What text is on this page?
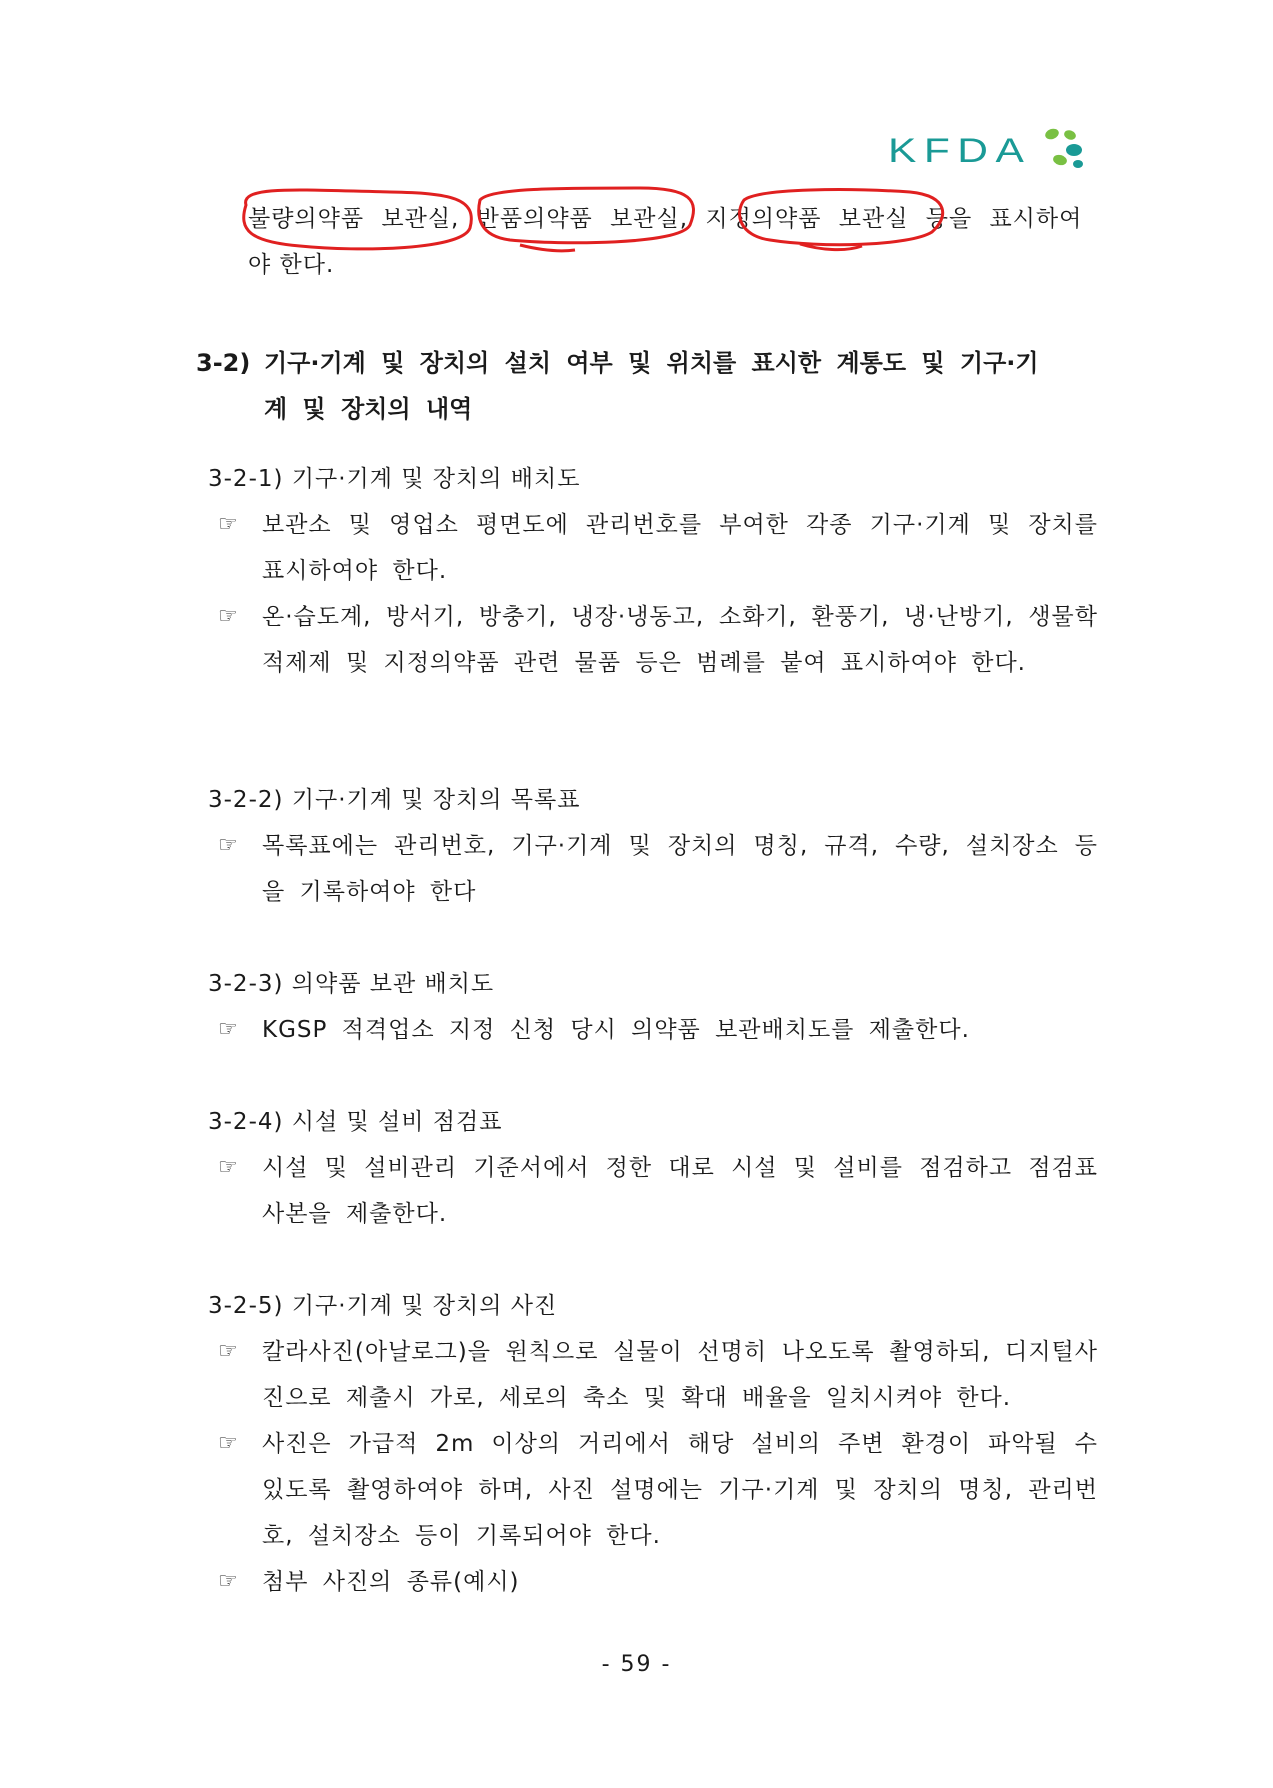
KFDA
불량의약품 보관실, 반품의약품 보관실, 지정의약품 보관실 등을 표시하여
야 한다.
3-2) 기구·기계 및 장치의 설치 여부 및 위치를 표시한 계통도 및 기구·기
계 및 장치의 내역
3-2-1) 기구·기계 및 장치의 배치도
☞	보관소 및 영업소 평면도에 관리번호를 부여한 각종 기구·기계 및 장치를 표시하여야 한다.
☞	온·습도계, 방서기, 방충기, 냉장·냉동고, 소화기, 환풍기, 냉·난방기, 생물학적제제 및 지정의약품 관련 물품 등은 범례를 붙여 표시하여야 한다.
3-2-2) 기구·기계 및 장치의 목록표
☞	목록표에는 관리번호, 기구·기계 및 장치의 명칭, 규격, 수량, 설치장소 등을 기록하여야 한다
3-2-3) 의약품 보관 배치도
☞	KGSP 적격업소 지정 신청 당시 의약품 보관배치도를 제출한다.
3-2-4) 시설 및 설비 점검표
☞	시설 및 설비관리 기준서에서 정한 대로 시설 및 설비를 점검하고 점검표 사본을 제출한다.
3-2-5) 기구·기계 및 장치의 사진
☞	칼라사진(아날로그)을 원칙으로 실물이 선명히 나오도록 촬영하되, 디지털사진으로 제출시 가로, 세로의 축소 및 확대 배율을 일치시켜야 한다.
☞	사진은 가급적 2m 이상의 거리에서 해당 설비의 주변 환경이 파악될 수 있도록 촬영하여야 하며, 사진 설명에는 기구·기계 및 장치의 명칭, 관리번호, 설치장소 등이 기록되어야 한다.
☞	첨부 사진의 종류(예시)
- 59 -
